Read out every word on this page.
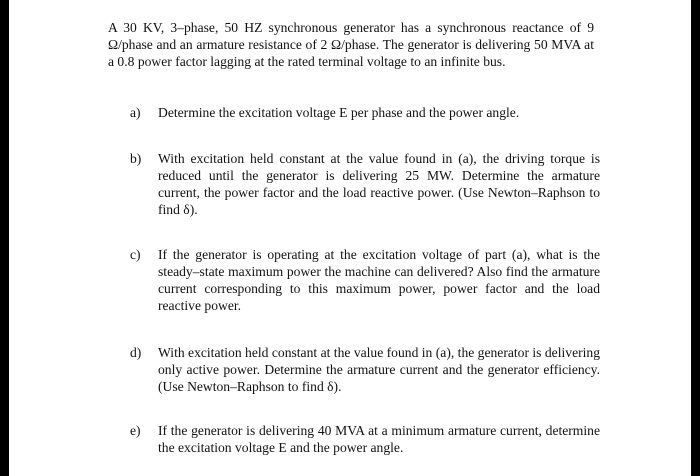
A 30 KV, 3–phase, 50 HZ synchronous generator has a synchronous reactance of 9 Ω/phase and an armature resistance of 2 Ω/phase. The generator is delivering 50 MVA at a 0.8 power factor lagging at the rated terminal voltage to an infinite bus.

a)	Determine the excitation voltage E per phase and the power angle.
b)	With excitation held constant at the value found in (a), the driving torque is reduced until the generator is delivering 25 MW. Determine the armature current, the power factor and the load reactive power. (Use Newton–Raphson to find δ).
c)	If the generator is operating at the excitation voltage of part (a), what is the steady–state maximum power the machine can delivered? Also find the armature current corresponding to this maximum power, power factor and the load reactive power.
d)	With excitation held constant at the value found in (a), the generator is delivering only active power. Determine the armature current and the generator efficiency. (Use Newton–Raphson to find δ).
e)	If the generator is delivering 40 MVA at a minimum armature current, determine the excitation voltage E and the power angle.
